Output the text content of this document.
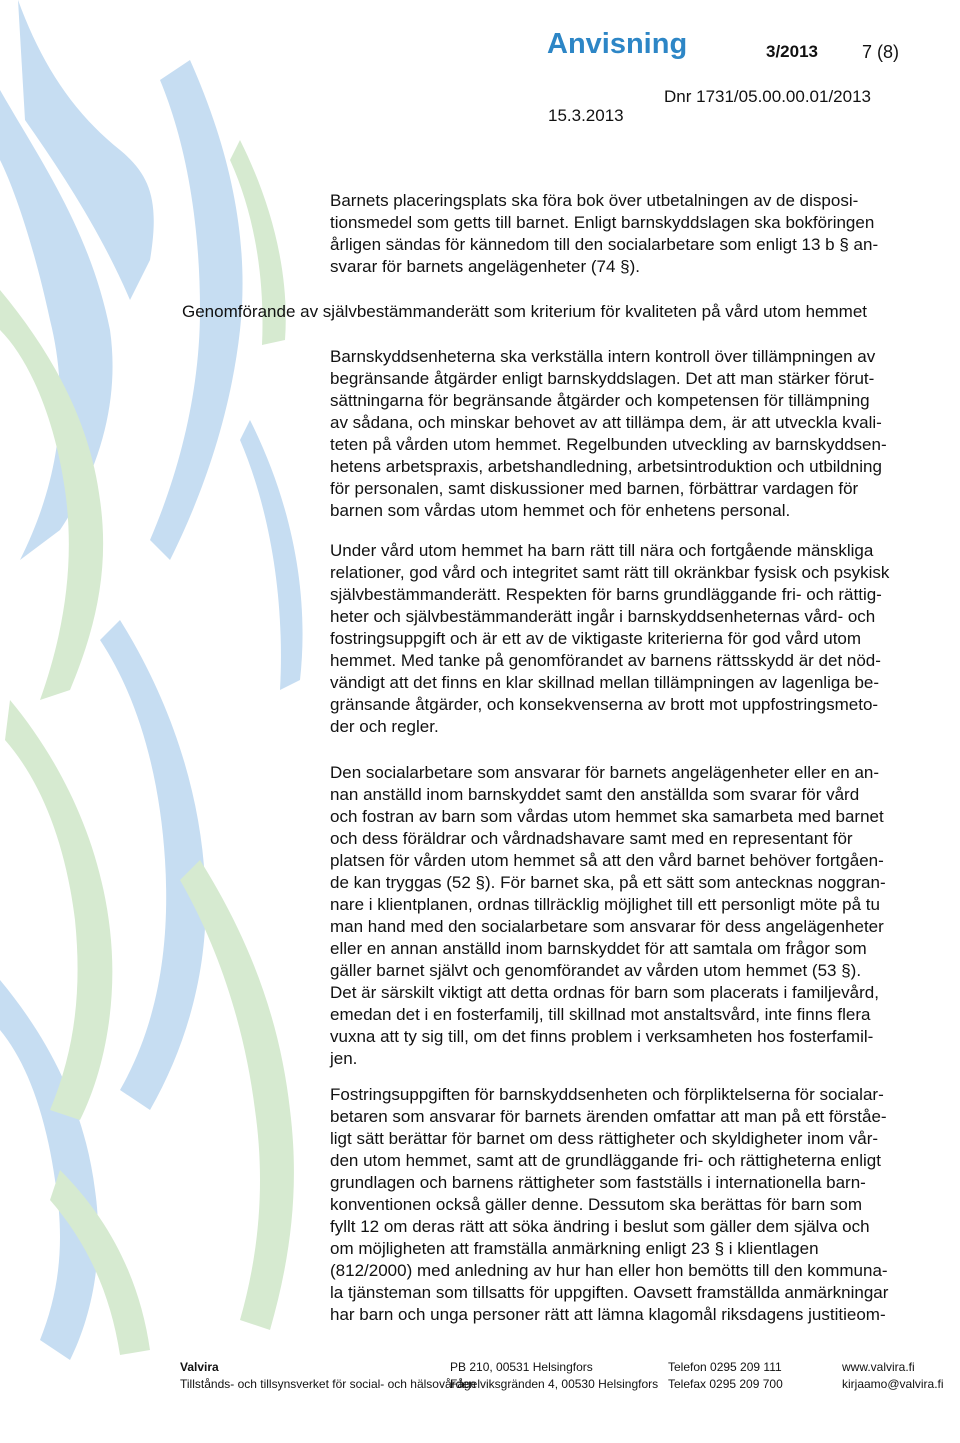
Anvisning	3/2013 7 (8)
Dnr 1731/05.00.00.01/2013
15.3.2013

Barnets placeringsplats ska föra bok över utbetalningen av de disposi-
tionsmedel som getts till barnet. Enligt barnskyddslagen ska bokföringen
årligen sändas för kännedom till den socialarbetare som enligt 13 b § an-
svarar för barnets angelägenheter (74 §).

Genomförande av självbestämmanderätt som kriterium för kvaliteten på vård utom hemmet

Barnskyddsenheterna ska verkställa intern kontroll över tillämpningen av
begränsande åtgärder enligt barnskyddslagen. Det att man stärker förut-
sättningarna för begränsande åtgärder och kompetensen för tillämpning
av sådana, och minskar behovet av att tillämpa dem, är att utveckla kvali-
teten på vården utom hemmet. Regelbunden utveckling av barnskyddsen-
hetens arbetspraxis, arbetshandledning, arbetsintroduktion och utbildning
för personalen, samt diskussioner med barnen, förbättrar vardagen för
barnen som vårdas utom hemmet och för enhetens personal.

Under vård utom hemmet ha barn rätt till nära och fortgående mänskliga
relationer, god vård och integritet samt rätt till okränkbar fysisk och psykisk
självbestämmanderätt. Respekten för barns grundläggande fri- och rättig-
heter och självbestämmanderätt ingår i barnskyddsenheternas vård- och
fostringsuppgift och är ett av de viktigaste kriterierna för god vård utom
hemmet. Med tanke på genomförandet av barnens rättsskydd är det nöd-
vändigt att det finns en klar skillnad mellan tillämpningen av lagenliga be-
gränsande åtgärder, och konsekvenserna av brott mot uppfostringsmeto-
der och regler.

Den socialarbetare som ansvarar för barnets angelägenheter eller en an-
nan anställd inom barnskyddet samt den anställda som svarar för vård
och fostran av barn som vårdas utom hemmet ska samarbeta med barnet
och dess föräldrar och vårdnadshavare samt med en representant för
platsen för vården utom hemmet så att den vård barnet behöver fortgåen-
de kan tryggas (52 §). För barnet ska, på ett sätt som antecknas noggran-
nare i klientplanen, ordnas tillräcklig möjlighet till ett personligt möte på tu
man hand med den socialarbetare som ansvarar för dess angelägenheter
eller en annan anställd inom barnskyddet för att samtala om frågor som
gäller barnet självt och genomförandet av vården utom hemmet (53 §).
Det är särskilt viktigt att detta ordnas för barn som placerats i familjevård,
emedan det i en fosterfamilj, till skillnad mot anstaltsvård, inte finns flera
vuxna att ty sig till, om det finns problem i verksamheten hos fosterfamil-
jen.

Fostringsuppgiften för barnskyddsenheten och förpliktelserna för socialar-
betaren som ansvarar för barnets ärenden omfattar att man på ett förståe-
ligt sätt berättar för barnet om dess rättigheter och skyldigheter inom vår-
den utom hemmet, samt att de grundläggande fri- och rättigheterna enligt
grundlagen och barnens rättigheter som fastställs i internationella barn-
konventionen också gäller denne. Dessutom ska berättas för barn som
fyllt 12 om deras rätt att söka ändring i beslut som gäller dem själva och
om möjligheten att framställa anmärkning enligt 23 § i klientlagen
(812/2000) med anledning av hur han eller hon bemötts till den kommuna-
la tjänsteman som tillsatts för uppgiften. Oavsett framställda anmärkningar
har barn och unga personer rätt att lämna klagomål riksdagens justitieom-

Valvira
Tillstånds- och tillsynsverket för social- och hälsovården
PB 210, 00531 Helsingfors
Fågelviksgränden 4, 00530 Helsingfors
Telefon 0295 209 111
Telefax 0295 209 700
www.valvira.fi
kirjaamo@valvira.fi
